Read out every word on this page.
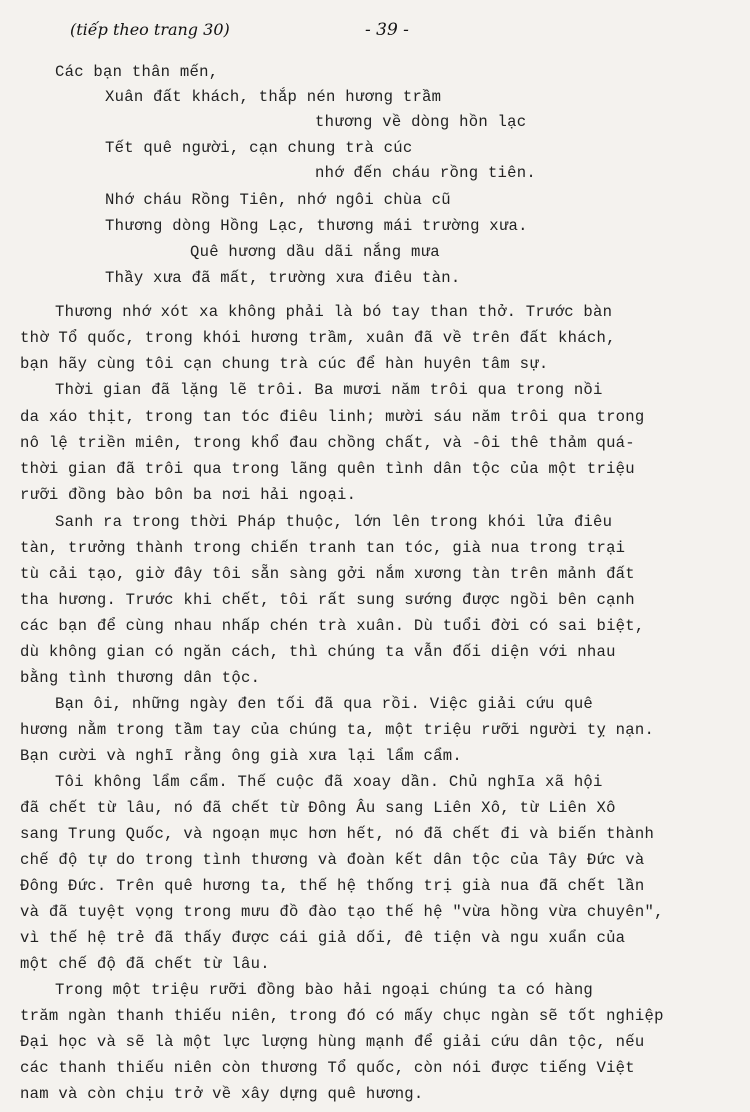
(tiếp theo trang 30)	- 39 -
Các bạn thân mến,
Xuân đất khách, thắp nén hương trầm
thương về dòng hồn lạc
Tết quê người, cạn chung trà cúc
nhớ đến cháu rồng tiên.
Nhớ cháu Rồng Tiên, nhớ ngôi chùa cũ
Thương dòng Hồng Lạc, thương mái trường xưa.
Quê hương dầu dãi nắng mưa
Thầy xưa đã mất, trường xưa điêu tàn.
Thương nhớ xót xa không phải là bó tay than thở. Trước bàn
thờ Tổ quốc, trong khói hương trầm, xuân đã về trên đất khách,
bạn hãy cùng tôi cạn chung trà cúc để hàn huyên tâm sự.
Thời gian đã lặng lẽ trôi. Ba mươi năm trôi qua trong nồi
da xáo thịt, trong tan tóc điêu linh; mười sáu năm trôi qua trong
nô lệ triền miên, trong khổ đau chồng chất, và -ôi thê thảm quá-
thời gian đã trôi qua trong lãng quên tình dân tộc của một triệu
rưỡi đồng bào bôn ba nơi hải ngoại.
Sanh ra trong thời Pháp thuộc, lớn lên trong khói lửa điêu
tàn, trưởng thành trong chiến tranh tan tóc, già nua trong trại
tù cải tạo, giờ đây tôi sẵn sàng gởi nắm xương tàn trên mảnh đất
tha hương. Trước khi chết, tôi rất sung sướng được ngồi bên cạnh
các bạn để cùng nhau nhấp chén trà xuân. Dù tuổi đời có sai biệt,
dù không gian có ngăn cách, thì chúng ta vẫn đối diện với nhau
bằng tình thương dân tộc.
Bạn ôi, những ngày đen tối đã qua rồi. Việc giải cứu quê
hương nằm trong tầm tay của chúng ta, một triệu rưỡi người tỵ nạn.
Bạn cười và nghĩ rằng ông già xưa lại lẩm cẩm.
Tôi không lẩm cẩm. Thế cuộc đã xoay dần. Chủ nghĩa xã hội
đã chết từ lâu, nó đã chết từ Đông Âu sang Liên Xô, từ Liên Xô
sang Trung Quốc, và ngoạn mục hơn hết, nó đã chết đi và biến thành
chế độ tự do trong tình thương và đoàn kết dân tộc của Tây Đức và
Đông Đức. Trên quê hương ta, thế hệ thống trị già nua đã chết lần
và đã tuyệt vọng trong mưu đồ đào tạo thế hệ "vừa hồng vừa chuyên",
vì thế hệ trẻ đã thấy được cái giả dối, đê tiện và ngu xuẩn của
một chế độ đã chết từ lâu.
Trong một triệu rưỡi đồng bào hải ngoại chúng ta có hàng
trăm ngàn thanh thiếu niên, trong đó có mấy chục ngàn sẽ tốt nghiệp
Đại học và sẽ là một lực lượng hùng mạnh để giải cứu dân tộc, nếu
các thanh thiếu niên còn thương Tổ quốc, còn nói được tiếng Việt
nam và còn chịu trở về xây dựng quê hương.
